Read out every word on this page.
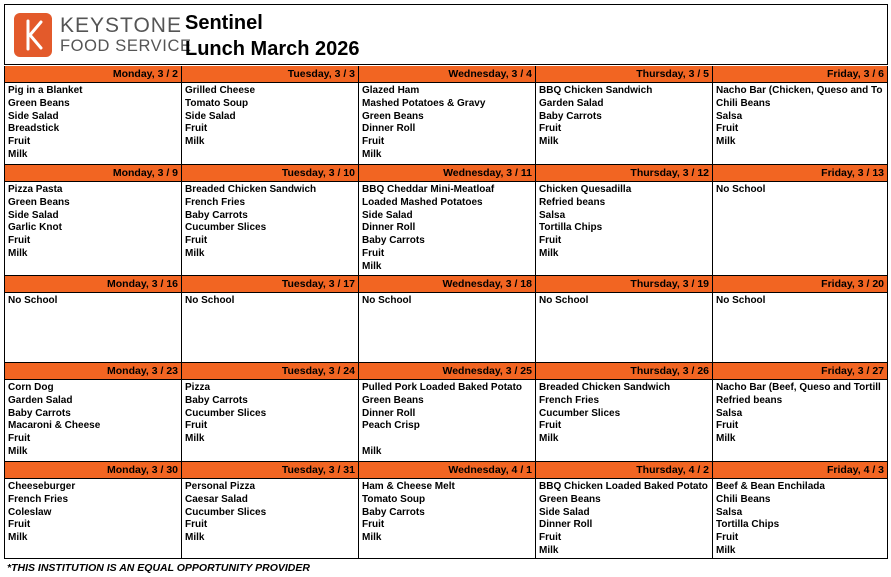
KEYSTONE
FOOD SERVICE
Sentinel
Lunch March 2026
Monday, 3 / 2
Pig in a Blanket
Green Beans
Side Salad
Breadstick
Fruit
Milk
Tuesday, 3 / 3
Grilled Cheese
Tomato Soup
Side Salad
Fruit
Milk
Wednesday, 3 / 4
Glazed Ham
Mashed Potatoes & Gravy
Green Beans
Dinner Roll
Fruit
Milk
Thursday, 3 / 5
BBQ Chicken Sandwich
Garden Salad
Baby Carrots
Fruit
Milk
Friday, 3 / 6
Nacho Bar (Chicken, Queso and To
Chili Beans
Salsa
Fruit
Milk
Monday, 3 / 9
Pizza Pasta
Green Beans
Side Salad
Garlic Knot
Fruit
Milk
Tuesday, 3 / 10
Breaded Chicken Sandwich
French Fries
Baby Carrots
Cucumber Slices
Fruit
Milk
Wednesday, 3 / 11
BBQ Cheddar Mini-Meatloaf
Loaded Mashed Potatoes
Side Salad
Dinner Roll
Baby Carrots
Fruit
Milk
Thursday, 3 / 12
Chicken Quesadilla
Refried beans
Salsa
Tortilla Chips
Fruit
Milk
Friday, 3 / 13
No School
Monday, 3 / 16
No School
Tuesday, 3 / 17
No School
Wednesday, 3 / 18
No School
Thursday, 3 / 19
No School
Friday, 3 / 20
No School
Monday, 3 / 23
Corn Dog
Garden Salad
Baby Carrots
Macaroni & Cheese
Fruit
Milk
Tuesday, 3 / 24
Pizza
Baby Carrots
Cucumber Slices
Fruit
Milk
Wednesday, 3 / 25
Pulled Pork Loaded Baked Potato
Green Beans
Dinner Roll
Peach Crisp
Milk
Thursday, 3 / 26
Breaded Chicken Sandwich
French Fries
Cucumber Slices
Fruit
Milk
Friday, 3 / 27
Nacho Bar (Beef, Queso and Tortill
Refried beans
Salsa
Fruit
Milk
Monday, 3 / 30
Cheeseburger
French Fries
Coleslaw
Fruit
Milk
Tuesday, 3 / 31
Personal Pizza
Caesar Salad
Cucumber Slices
Fruit
Milk
Wednesday, 4 / 1
Ham & Cheese Melt
Tomato Soup
Baby Carrots
Fruit
Milk
Thursday, 4 / 2
BBQ Chicken Loaded Baked Potato
Green Beans
Side Salad
Dinner Roll
Fruit
Milk
Friday, 4 / 3
Beef & Bean Enchilada
Chili Beans
Salsa
Tortilla Chips
Fruit
Milk
*THIS INSTITUTION IS AN EQUAL OPPORTUNITY PROVIDER
